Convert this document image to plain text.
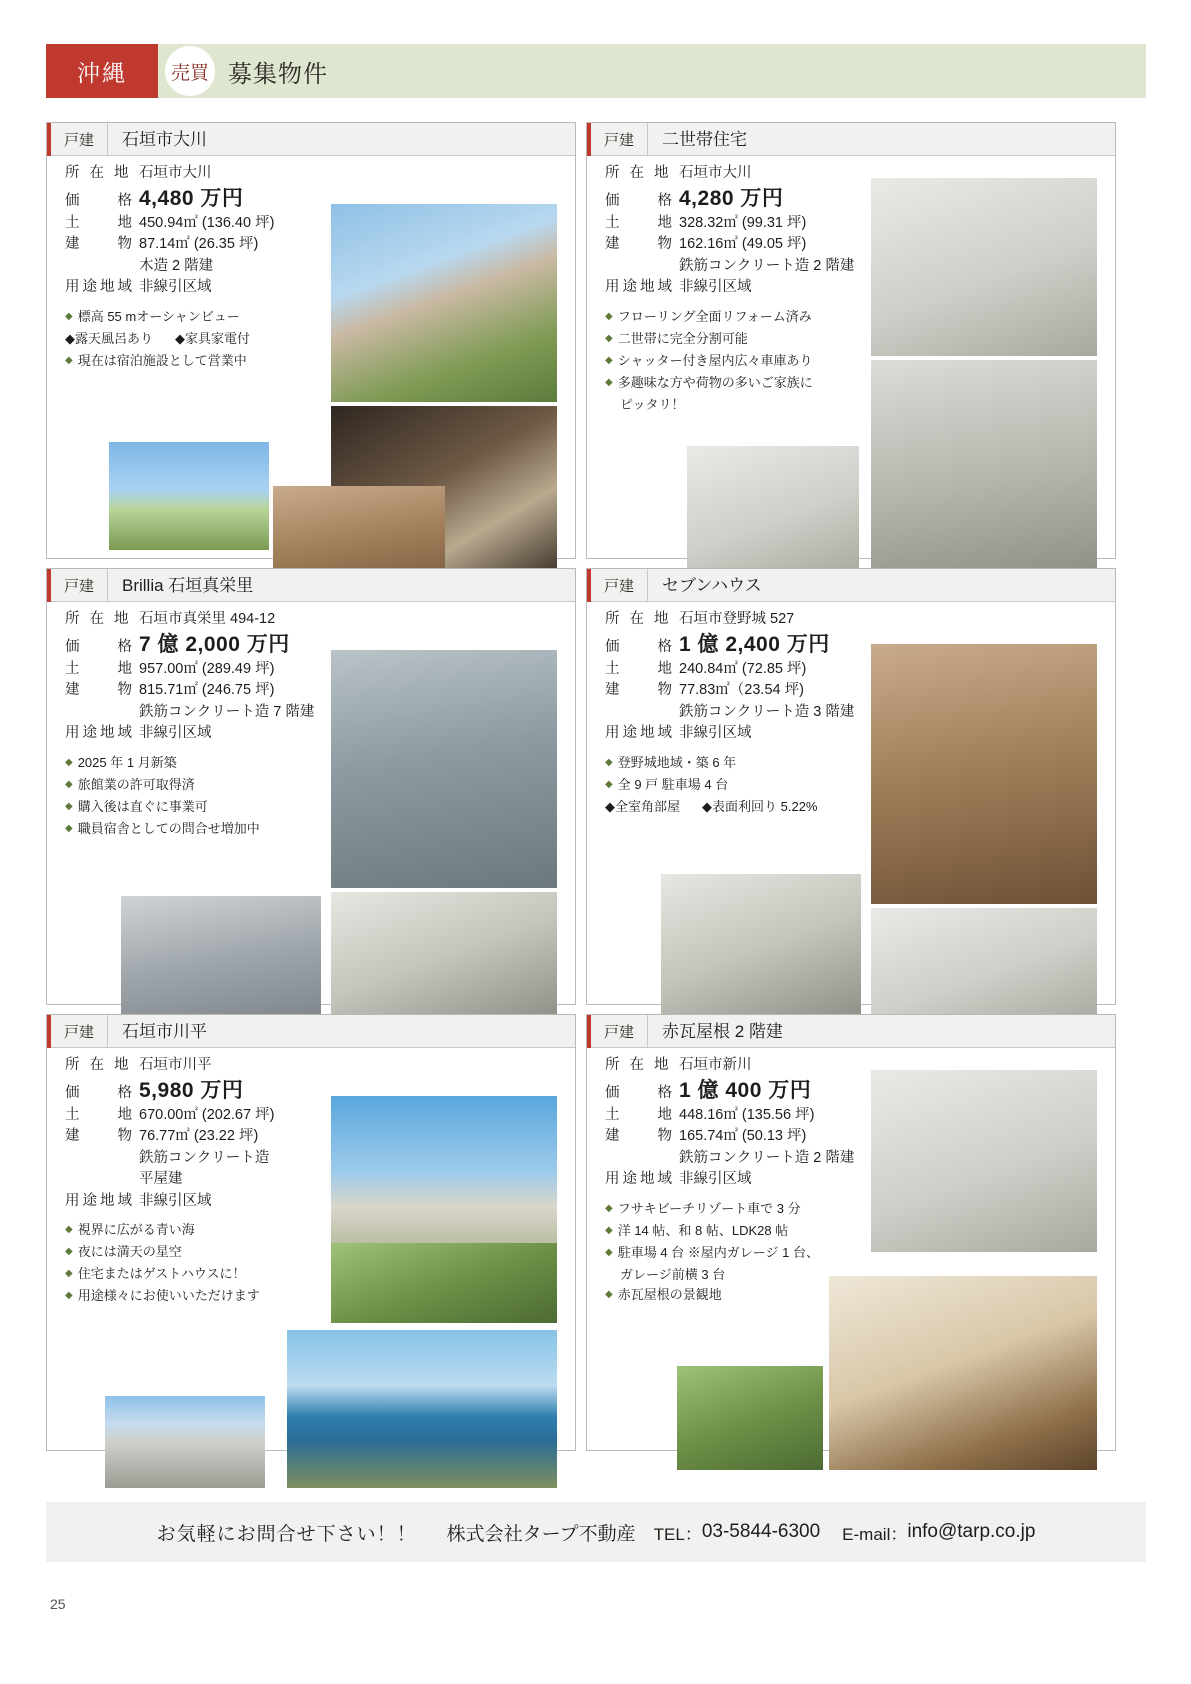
沖縄	売買 募集物件
戸建	石垣市大川
所 在 地 石垣市大川
価　　格 4,480 万円
土　　地 450.94㎡ (136.40 坪)
建　　物 87.14㎡ (26.35 坪)
木造 2 階建
用途地域 非線引区域
◆ 標高 55 mオーシャンビュー
◆ 露天風呂あり ◆ 家具家電付
◆ 現在は宿泊施設として営業中
戸建	Brillia 石垣真栄里
所 在 地 石垣市真栄里 494-12
価　　格 7 億 2,000 万円
土　　地 957.00㎡ (289.49 坪)
建　　物 815.71㎡ (246.75 坪)
鉄筋コンクリート造 7 階建
用途地域 非線引区域
◆ 2025 年 1 月新築
◆ 旅館業の許可取得済
◆ 購入後は直ぐに事業可
◆ 職員宿舎としての問合せ増加中
戸建	石垣市川平
所 在 地 石垣市川平
価　　格 5,980 万円
土　　地 670.00㎡ (202.67 坪)
建　　物 76.77㎡ (23.22 坪)
鉄筋コンクリート造
平屋建
用途地域 非線引区域
◆ 視界に広がる青い海
◆ 夜には満天の星空
◆ 住宅またはゲストハウスに！
◆ 用途様々にお使いいただけます
戸建	二世帯住宅
所 在 地 石垣市大川
価　　格 4,280 万円
土　　地 328.32㎡ (99.31 坪)
建　　物 162.16㎡ (49.05 坪)
鉄筋コンクリート造 2 階建
用途地域 非線引区域
◆ フローリング全面リフォーム済み
◆ 二世帯に完全分割可能
◆ シャッター付き屋内広々車庫あり
◆ 多趣味な方や荷物の多いご家族に
ピッタリ！
戸建	セブンハウス
所 在 地 石垣市登野城 527
価　　格 1 億 2,400 万円
土　　地 240.84㎡ (72.85 坪)
建　　物 77.83㎡（23.54 坪)
鉄筋コンクリート造 3 階建
用途地域 非線引区域
◆ 登野城地域・築 6 年
◆ 全 9 戸 駐車場 4 台
◆ 全室角部屋 ◆ 表面利回り 5.22%
戸建	赤瓦屋根 2 階建
所 在 地 石垣市新川
価　　格 1 億 400 万円
土　　地 448.16㎡ (135.56 坪)
建　　物 165.74㎡ (50.13 坪)
鉄筋コンクリート造 2 階建
用途地域 非線引区域
◆ フサキビーチリゾート車で 3 分
◆ 洋 14 帖、和 8 帖、LDK28 帖
◆ 駐車場 4 台 ※屋内ガレージ 1 台、
ガレージ前横 3 台
◆ 赤瓦屋根の景観地
お気軽にお問合せ下さい！！ 株式会社タープ不動産 TEL： 03-5844-6300 E-mail： info@tarp.co.jp
25
